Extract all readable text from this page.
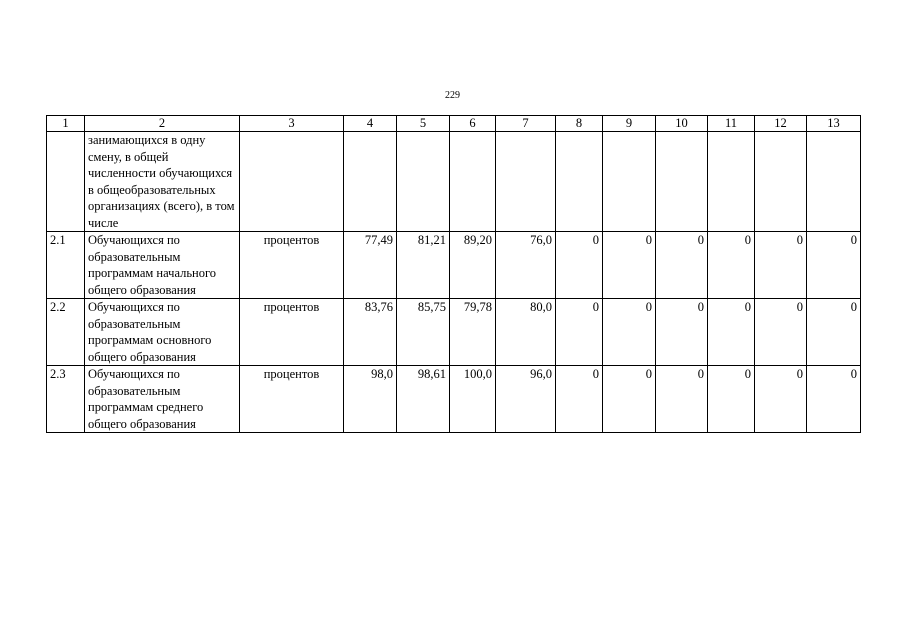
229
1	2	3	4	5	6	7	8	9	10	11	12	13
	занимающихся в одну смену, в общей численности обучающихся в общеобразовательных организациях (всего), в том числе											
2.1	Обучающихся по образовательным программам начального общего образования	процентов	77,49	81,21	89,20	76,0	0	0	0	0	0	0
2.2	Обучающихся по образовательным программам основного общего образования	процентов	83,76	85,75	79,78	80,0	0	0	0	0	0	0
2.3	Обучающихся по образовательным программам среднего общего образования	процентов	98,0	98,61	100,0	96,0	0	0	0	0	0	0
